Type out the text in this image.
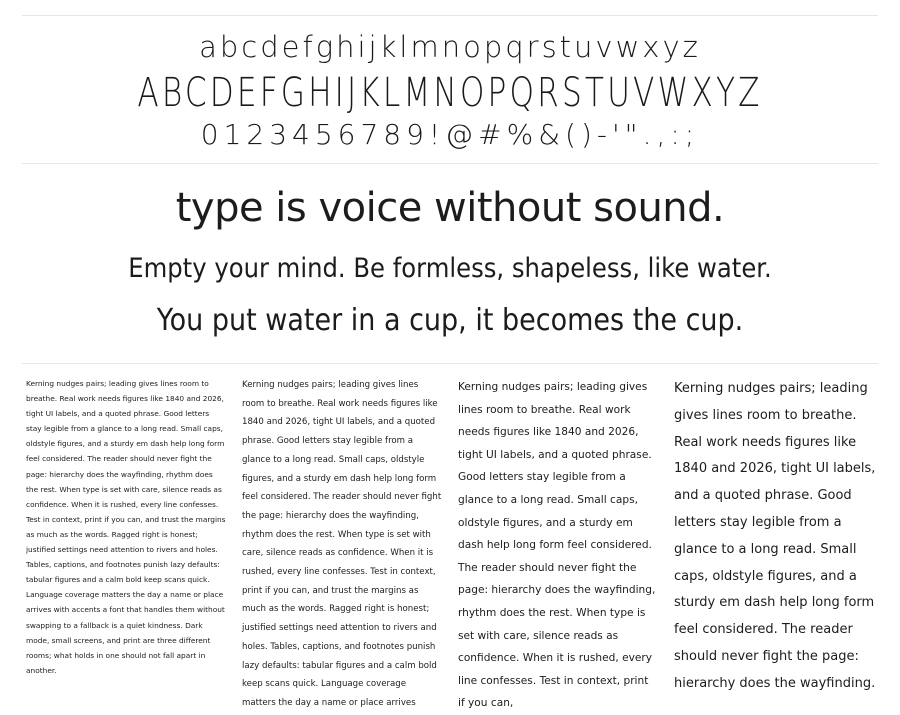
abcdefghijklmnopqrstuvwxyz
ABCDEFGHIJKLMNOPQRSTUVWXYZ
0123456789!@#%&()-'".,:;
type is voice without sound.
Empty your mind. Be formless, shapeless, like water.
You put water in a cup, it becomes the cup.
Kerning nudges pairs; leading gives lines room to breathe. Real work needs figures like 1840 and 2026, tight UI labels, and a quoted phrase. Good letters stay legible from a glance to a long read. Small caps, oldstyle figures, and a sturdy em dash help long form feel considered. The reader should never fight the page: hierarchy does the wayfinding, rhythm does the rest. When type is set with care, silence reads as confidence. When it is rushed, every line confesses. Test in context, print if you can, and trust the margins as much as the words. Ragged right is honest; justified settings need attention to rivers and holes. Tables, captions, and footnotes punish lazy defaults: tabular figures and a calm bold keep scans quick. Language coverage matters the day a name or place arrives with accents a font that handles them without swapping to a fallback is a quiet kindness. Dark mode, small screens, and print are three different rooms; what holds in one should not fall apart in another.
Kerning nudges pairs; leading gives lines room to breathe. Real work needs figures like 1840 and 2026, tight UI labels, and a quoted phrase. Good letters stay legible from a glance to a long read. Small caps, oldstyle figures, and a sturdy em dash help long form feel considered. The reader should never fight the page: hierarchy does the wayfinding, rhythm does the rest. When type is set with care, silence reads as confidence. When it is rushed, every line confesses. Test in context, print if you can, and trust the margins as much as the words. Ragged right is honest; justified settings need attention to rivers and holes. Tables, captions, and footnotes punish lazy defaults: tabular figures and a calm bold keep scans quick. Language coverage matters the day a name or place arrives
Kerning nudges pairs; leading gives lines room to breathe. Real work needs figures like 1840 and 2026, tight UI labels, and a quoted phrase. Good letters stay legible from a glance to a long read. Small caps, oldstyle figures, and a sturdy em dash help long form feel considered. The reader should never fight the page: hierarchy does the wayfinding, rhythm does the rest. When type is set with care, silence reads as confidence. When it is rushed, every line confesses. Test in context, print if you can,
Kerning nudges pairs; leading gives lines room to breathe. Real work needs figures like 1840 and 2026, tight UI labels, and a quoted phrase. Good letters stay legible from a glance to a long read. Small caps, oldstyle figures, and a sturdy em dash help long form feel considered. The reader should never fight the page: hierarchy does the wayfinding.
